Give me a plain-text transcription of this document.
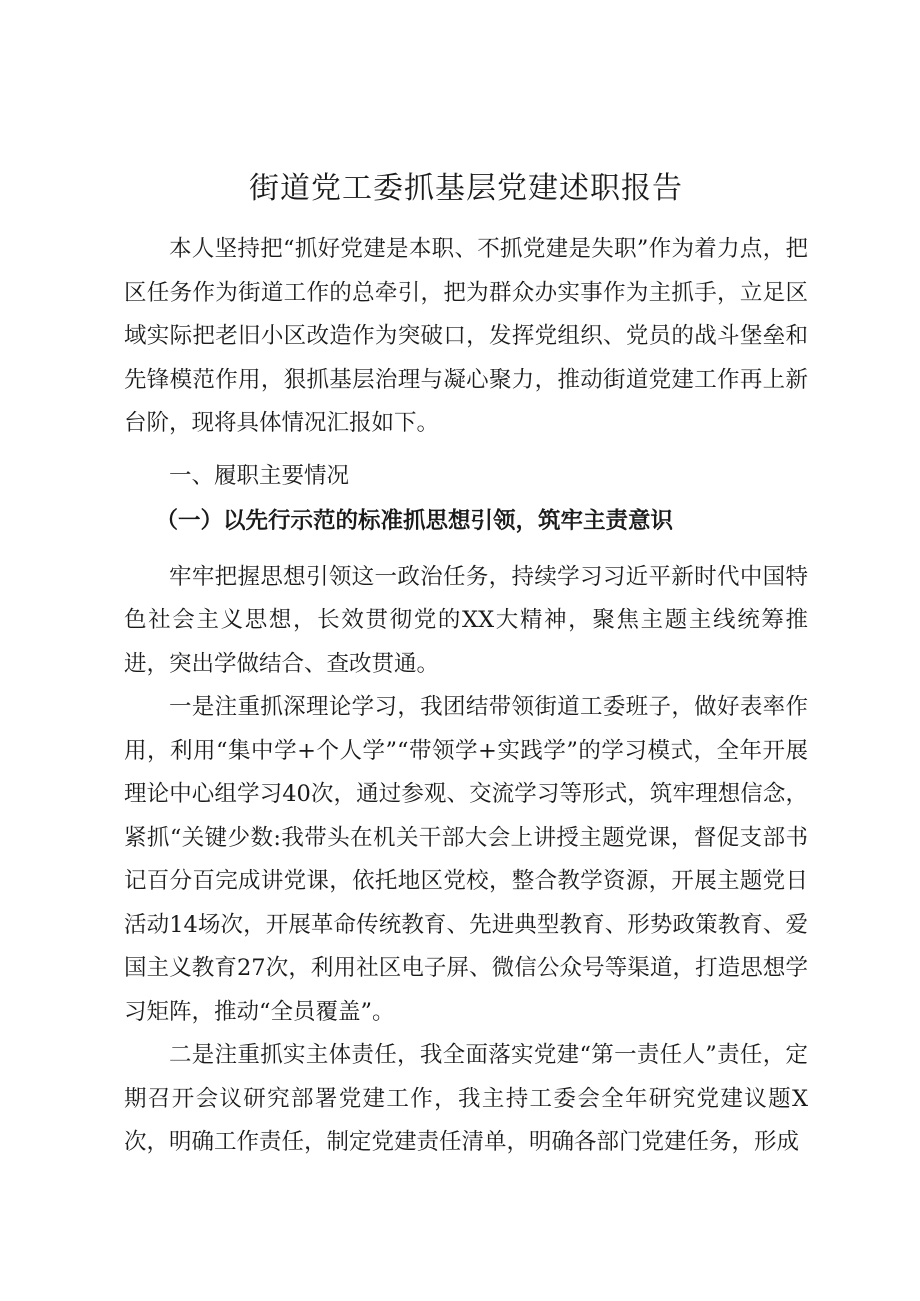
街道党工委抓基层党建述职报告

本人坚持把“抓好党建是本职、不抓党建是失职”作为着力点，把区任务作为街道工作的总牵引，把为群众办实事作为主抓手，立足区域实际把老旧小区改造作为突破口，发挥党组织、党员的战斗堡垒和先锋模范作用，狠抓基层治理与凝心聚力，推动街道党建工作再上新台阶，现将具体情况汇报如下。

一、履职主要情况

（一）以先行示范的标准抓思想引领，筑牢主责意识

牢牢把握思想引领这一政治任务，持续学习习近平新时代中国特色社会主义思想，长效贯彻党的XX大精神，聚焦主题主线统筹推进，突出学做结合、查改贯通。

一是注重抓深理论学习，我团结带领街道工委班子，做好表率作用，利用“集中学+个人学”“带领学+实践学”的学习模式，全年开展理论中心组学习40次，通过参观、交流学习等形式，筑牢理想信念，紧抓“关键少数:我带头在机关干部大会上讲授主题党课，督促支部书记百分百完成讲党课，依托地区党校，整合教学资源，开展主题党日活动14场次，开展革命传统教育、先进典型教育、形势政策教育、爱国主义教育27次，利用社区电子屏、微信公众号等渠道，打造思想学习矩阵，推动“全员覆盖”。

二是注重抓实主体责任，我全面落实党建“第一责任人”责任，定期召开会议研究部署党建工作，我主持工委会全年研究党建议题X次，明确工作责任，制定党建责任清单，明确各部门党建任务，形成
